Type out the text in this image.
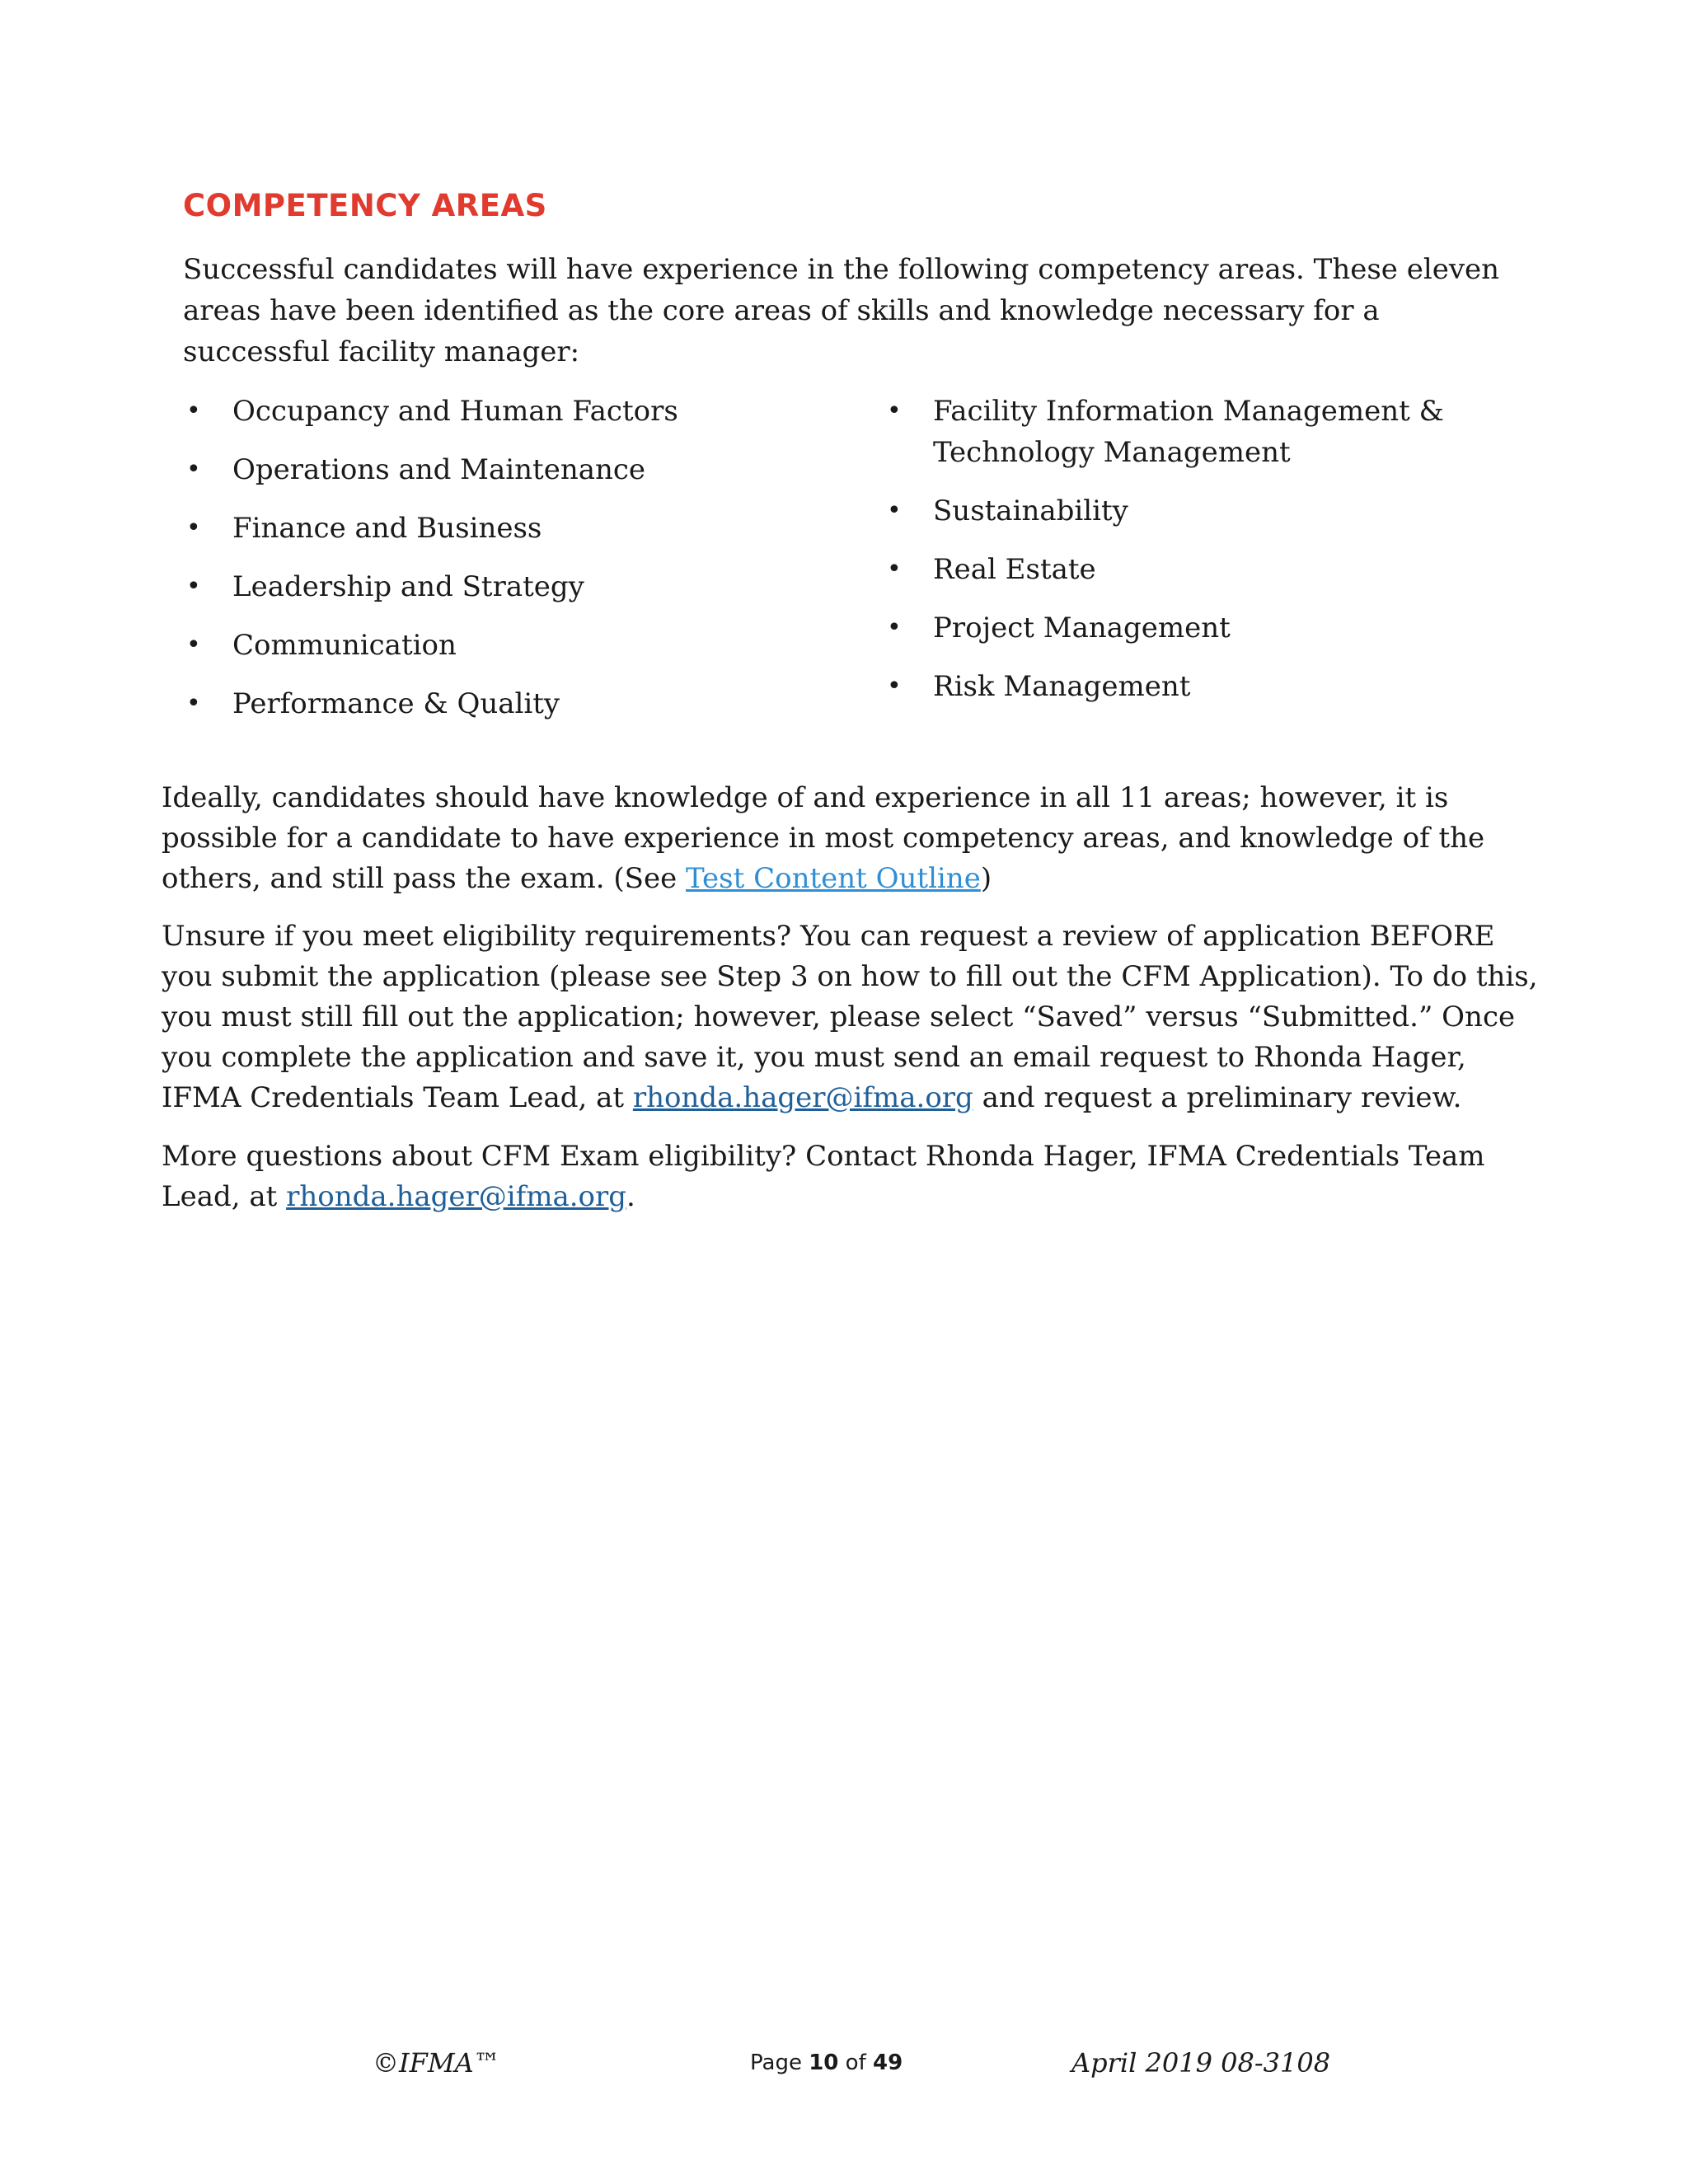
COMPETENCY AREAS

Successful candidates will have experience in the following competency areas. These eleven areas have been identified as the core areas of skills and knowledge necessary for a successful facility manager:

• Occupancy and Human Factors
• Operations and Maintenance
• Finance and Business
• Leadership and Strategy
• Communication
• Performance & Quality
• Facility Information Management & Technology Management
• Sustainability
• Real Estate
• Project Management
• Risk Management

Ideally, candidates should have knowledge of and experience in all 11 areas; however, it is possible for a candidate to have experience in most competency areas, and knowledge of the others, and still pass the exam. (See Test Content Outline)

Unsure if you meet eligibility requirements? You can request a review of application BEFORE you submit the application (please see Step 3 on how to fill out the CFM Application). To do this, you must still fill out the application; however, please select “Saved” versus “Submitted.” Once you complete the application and save it, you must send an email request to Rhonda Hager, IFMA Credentials Team Lead, at rhonda.hager@ifma.org and request a preliminary review.

More questions about CFM Exam eligibility? Contact Rhonda Hager, IFMA Credentials Team Lead, at rhonda.hager@ifma.org.

©IFMA™	Page 10 of 49	April 2019 08-3108
